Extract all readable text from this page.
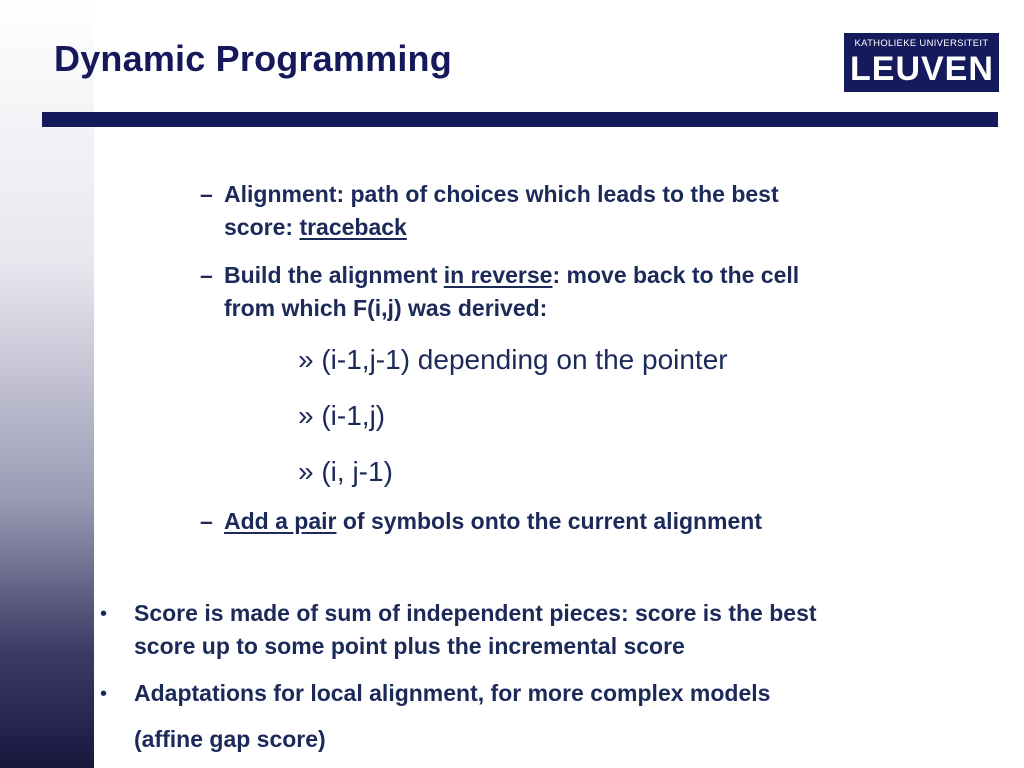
Dynamic Programming	KATHOLIEKE UNIVERSITEIT
LEUVEN
– Alignment: path of choices which leads to the best
score: traceback
– Build the alignment in reverse: move back to the cell
from which F(i,j) was derived:
» (i-1,j-1) depending on the pointer
» (i-1,j)
» (i, j-1)
– Add a pair of symbols onto the current alignment
• Score is made of sum of independent pieces: score is the best
score up to some point plus the incremental score
• Adaptations for local alignment, for more complex models
(affine gap score)
